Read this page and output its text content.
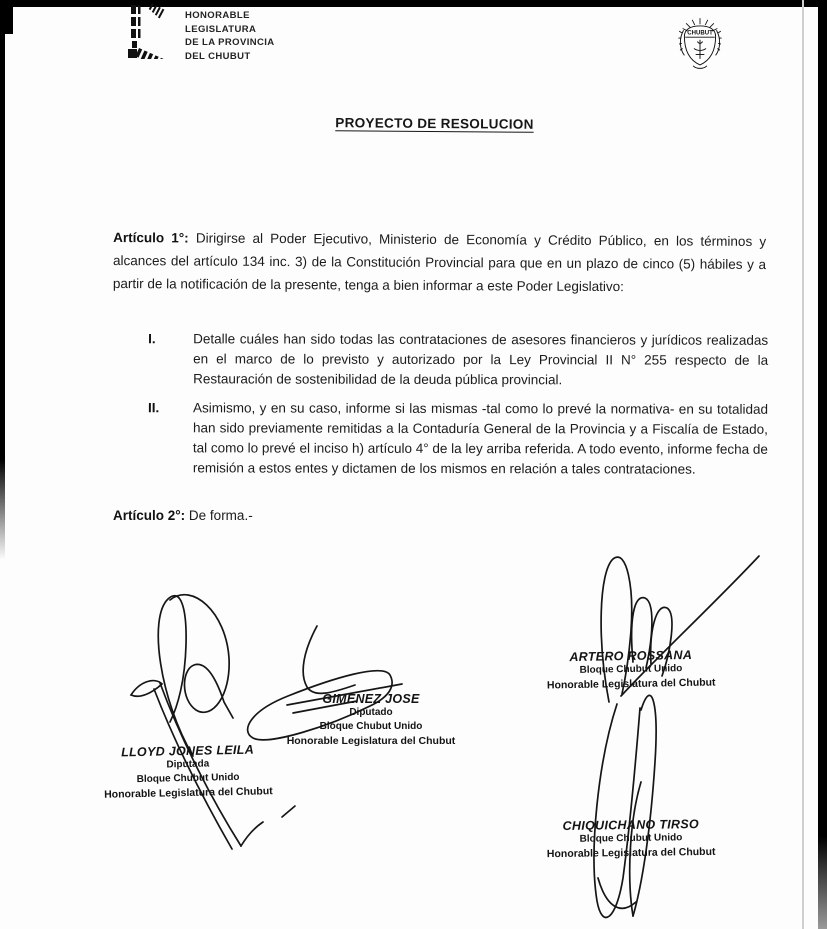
HONORABLE
LEGISLATURA
DE LA PROVINCIA
DEL CHUBUT
CHUBUT
PROYECTO DE RESOLUCION
Artículo 1°: Dirigirse al Poder Ejecutivo, Ministerio de Economía y Crédito Público, en los términos y alcances del artículo 134 inc. 3) de la Constitución Provincial para que en un plazo de cinco (5) hábiles y a partir de la notificación de la presente, tenga a bien informar a este Poder Legislativo:
I.	Detalle cuáles han sido todas las contrataciones de asesores financieros y jurídicos realizadas en el marco de lo previsto y autorizado por la Ley Provincial II N° 255 respecto de la Restauración de sostenibilidad de la deuda pública provincial.
II.	Asimismo, y en su caso, informe si las mismas -tal como lo prevé la normativa- en su totalidad han sido previamente remitidas a la Contaduría General de la Provincia y a Fiscalía de Estado, tal como lo prevé el inciso h) artículo 4° de la ley arriba referida. A todo evento, informe fecha de remisión a estos entes y dictamen de los mismos en relación a tales contrataciones.
Artículo 2°: De forma.-
LLOYD JONES LEILA
Diputada
Bloque Chubut Unido
Honorable Legislatura del Chubut
GIMENEZ JOSE
Diputado
Bloque Chubut Unido
Honorable Legislatura del Chubut
ARTERO ROSSANA
Bloque Chubut Unido
Honorable Legislatura del Chubut
CHIQUICHANO TIRSO
Bloque Chubut Unido
Honorable Legislatura del Chubut
